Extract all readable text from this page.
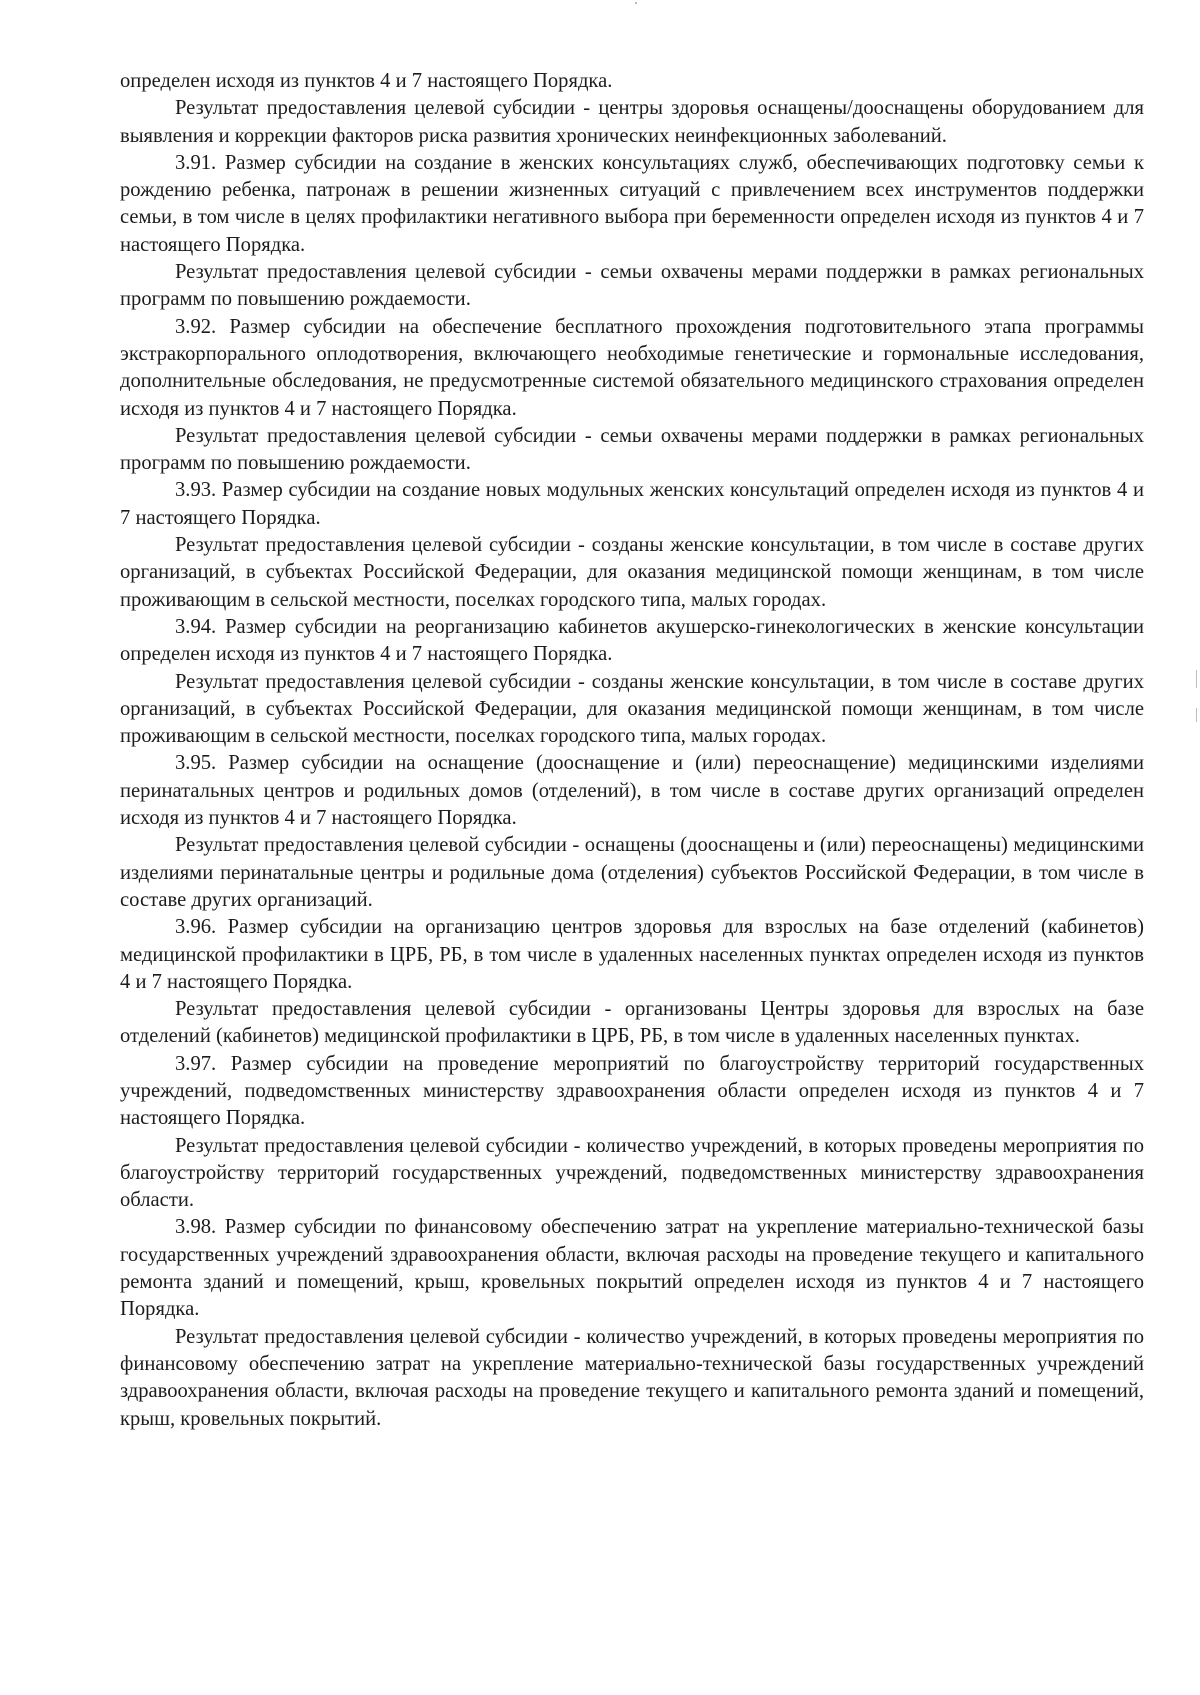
определен исходя из пунктов 4 и 7 настоящего Порядка.

Результат предоставления целевой субсидии - центры здоровья оснащены/дооснащены оборудованием для выявления и коррекции факторов риска развития хронических неинфекционных заболеваний.

3.91. Размер субсидии на создание в женских консультациях служб, обеспечивающих подготовку семьи к рождению ребенка, патронаж в решении жизненных ситуаций с привлечением всех инструментов поддержки семьи, в том числе в целях профилактики негативного выбора при беременности определен исходя из пунктов 4 и 7 настоящего Порядка.

Результат предоставления целевой субсидии - семьи охвачены мерами поддержки в рамках региональных программ по повышению рождаемости.

3.92. Размер субсидии на обеспечение бесплатного прохождения подготовительного этапа программы экстракорпорального оплодотворения, включающего необходимые генетические и гормональные исследования, дополнительные обследования, не предусмотренные системой обязательного медицинского страхования определен исходя из пунктов 4 и 7 настоящего Порядка.

Результат предоставления целевой субсидии - семьи охвачены мерами поддержки в рамках региональных программ по повышению рождаемости.

3.93. Размер субсидии на создание новых модульных женских консультаций определен исходя из пунктов 4 и 7 настоящего Порядка.

Результат предоставления целевой субсидии - созданы женские консультации, в том числе в составе других организаций, в субъектах Российской Федерации, для оказания медицинской помощи женщинам, в том числе проживающим в сельской местности, поселках городского типа, малых городах.

3.94. Размер субсидии на реорганизацию кабинетов акушерско-гинекологических в женские консультации определен исходя из пунктов 4 и 7 настоящего Порядка.

Результат предоставления целевой субсидии - созданы женские консультации, в том числе в составе других организаций, в субъектах Российской Федерации, для оказания медицинской помощи женщинам, в том числе проживающим в сельской местности, поселках городского типа, малых городах.

3.95. Размер субсидии на оснащение (дооснащение и (или) переоснащение) медицинскими изделиями перинатальных центров и родильных домов (отделений), в том числе в составе других организаций определен исходя из пунктов 4 и 7 настоящего Порядка.

Результат предоставления целевой субсидии - оснащены (дооснащены и (или) переоснащены) медицинскими изделиями перинатальные центры и родильные дома (отделения) субъектов Российской Федерации, в том числе в составе других организаций.

3.96. Размер субсидии на организацию центров здоровья для взрослых на базе отделений (кабинетов) медицинской профилактики в ЦРБ, РБ, в том числе в удаленных населенных пунктах определен исходя из пунктов 4 и 7 настоящего Порядка.

Результат предоставления целевой субсидии - организованы Центры здоровья для взрослых на базе отделений (кабинетов) медицинской профилактики в ЦРБ, РБ, в том числе в удаленных населенных пунктах.

3.97. Размер субсидии на проведение мероприятий по благоустройству территорий государственных учреждений, подведомственных министерству здравоохранения области определен исходя из пунктов 4 и 7 настоящего Порядка.

Результат предоставления целевой субсидии - количество учреждений, в которых проведены мероприятия по благоустройству территорий государственных учреждений, подведомственных министерству здравоохранения области.

3.98. Размер субсидии по финансовому обеспечению затрат на укрепление материально-технической базы государственных учреждений здравоохранения области, включая расходы на проведение текущего и капитального ремонта зданий и помещений, крыш, кровельных покрытий определен исходя из пунктов 4 и 7 настоящего Порядка.

Результат предоставления целевой субсидии - количество учреждений, в которых проведены мероприятия по финансовому обеспечению затрат на укрепление материально-технической базы государственных учреждений здравоохранения области, включая расходы на проведение текущего и капитального ремонта зданий и помещений, крыш, кровельных покрытий.
